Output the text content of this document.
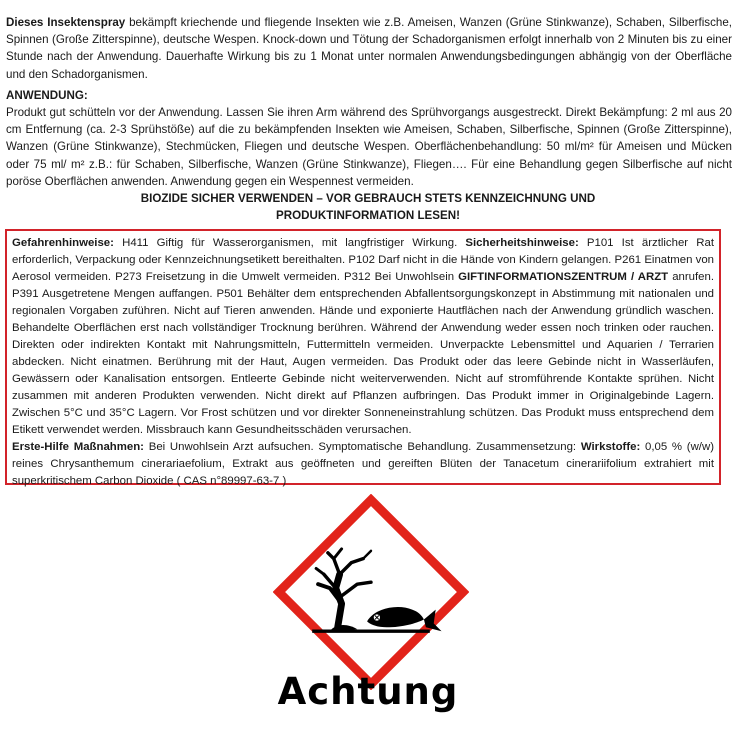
Dieses Insektenspray bekämpft kriechende und fliegende Insekten wie z.B. Ameisen, Wanzen (Grüne Stinkwanze), Schaben, Silberfische, Spinnen (Große Zitterspinne), deutsche Wespen. Knock-down und Tötung der Schadorganismen erfolgt innerhalb von 2 Minuten bis zu einer Stunde nach der Anwendung. Dauerhafte Wirkung bis zu 1 Monat unter normalen Anwendungsbedingungen abhängig von der Oberfläche und den Schadorganismen.

ANWENDUNG:

Produkt gut schütteln vor der Anwendung. Lassen Sie ihren Arm während des Sprühvorgangs ausgestreckt. Direkt Bekämpfung: 2 ml aus 20 cm Entfernung (ca. 2-3 Sprühstöße) auf die zu bekämpfenden Insekten wie Ameisen, Schaben, Silberfische, Spinnen (Große Zitterspinne), Wanzen (Grüne Stinkwanze), Stechmücken, Fliegen und deutsche Wespen. Oberflächenbehandlung: 50 ml/m² für Ameisen und Mücken oder 75 ml/ m² z.B.: für Schaben, Silberfische, Wanzen (Grüne Stinkwanze), Fliegen…. Für eine Behandlung gegen Silberfische auf nicht poröse Oberflächen anwenden. Anwendung gegen ein Wespennest vermeiden.

BIOZIDE SICHER VERWENDEN – VOR GEBRAUCH STETS KENNZEICHNUNG UND
PRODUKTINFORMATION LESEN!

Gefahrenhinweise: H411 Giftig für Wasserorganismen, mit langfristiger Wirkung. Sicherheitshinweise: P101 Ist ärztlicher Rat erforderlich, Verpackung oder Kennzeichnungsetikett bereithalten. P102 Darf nicht in die Hände von Kindern gelangen. P261 Einatmen von Aerosol vermeiden. P273 Freisetzung in die Umwelt vermeiden. P312 Bei Unwohlsein GIFTINFORMATIONSZENTRUM / ARZT anrufen. P391 Ausgetretene Mengen auffangen. P501 Behälter dem entsprechenden Abfallentsorgungskonzept in Abstimmung mit nationalen und regionalen Vorgaben zuführen. Nicht auf Tieren anwenden. Hände und exponierte Hautflächen nach der Anwendung gründlich waschen. Behandelte Oberflächen erst nach vollständiger Trocknung berühren. Während der Anwendung weder essen noch trinken oder rauchen. Direkten oder indirekten Kontakt mit Nahrungsmitteln, Futtermitteln vermeiden. Unverpackte Lebensmittel und Aquarien / Terrarien abdecken. Nicht einatmen. Berührung mit der Haut, Augen vermeiden. Das Produkt oder das leere Gebinde nicht in Wasserläufen, Gewässern oder Kanalisation entsorgen. Entleerte Gebinde nicht weiterverwenden. Nicht auf stromführende Kontakte sprühen. Nicht zusammen mit anderen Produkten verwenden. Nicht direkt auf Pflanzen aufbringen. Das Produkt immer in Originalgebinde Lagern. Zwischen 5°C und 35°C Lagern. Vor Frost schützen und vor direkter Sonneneinstrahlung schützen. Das Produkt muss entsprechend dem Etikett verwendet werden. Missbrauch kann Gesundheitsschäden verursachen.
Erste-Hilfe Maßnahmen: Bei Unwohlsein Arzt aufsuchen. Symptomatische Behandlung. Zusammensetzung: Wirkstoffe: 0,05 % (w/w) reines Chrysanthemum cinerariaefolium, Extrakt aus geöffneten und gereiften Blüten der Tanacetum cinerariifolium extrahiert mit superkritischem Carbon Dioxide ( CAS n°89997-63-7 )

Achtung
